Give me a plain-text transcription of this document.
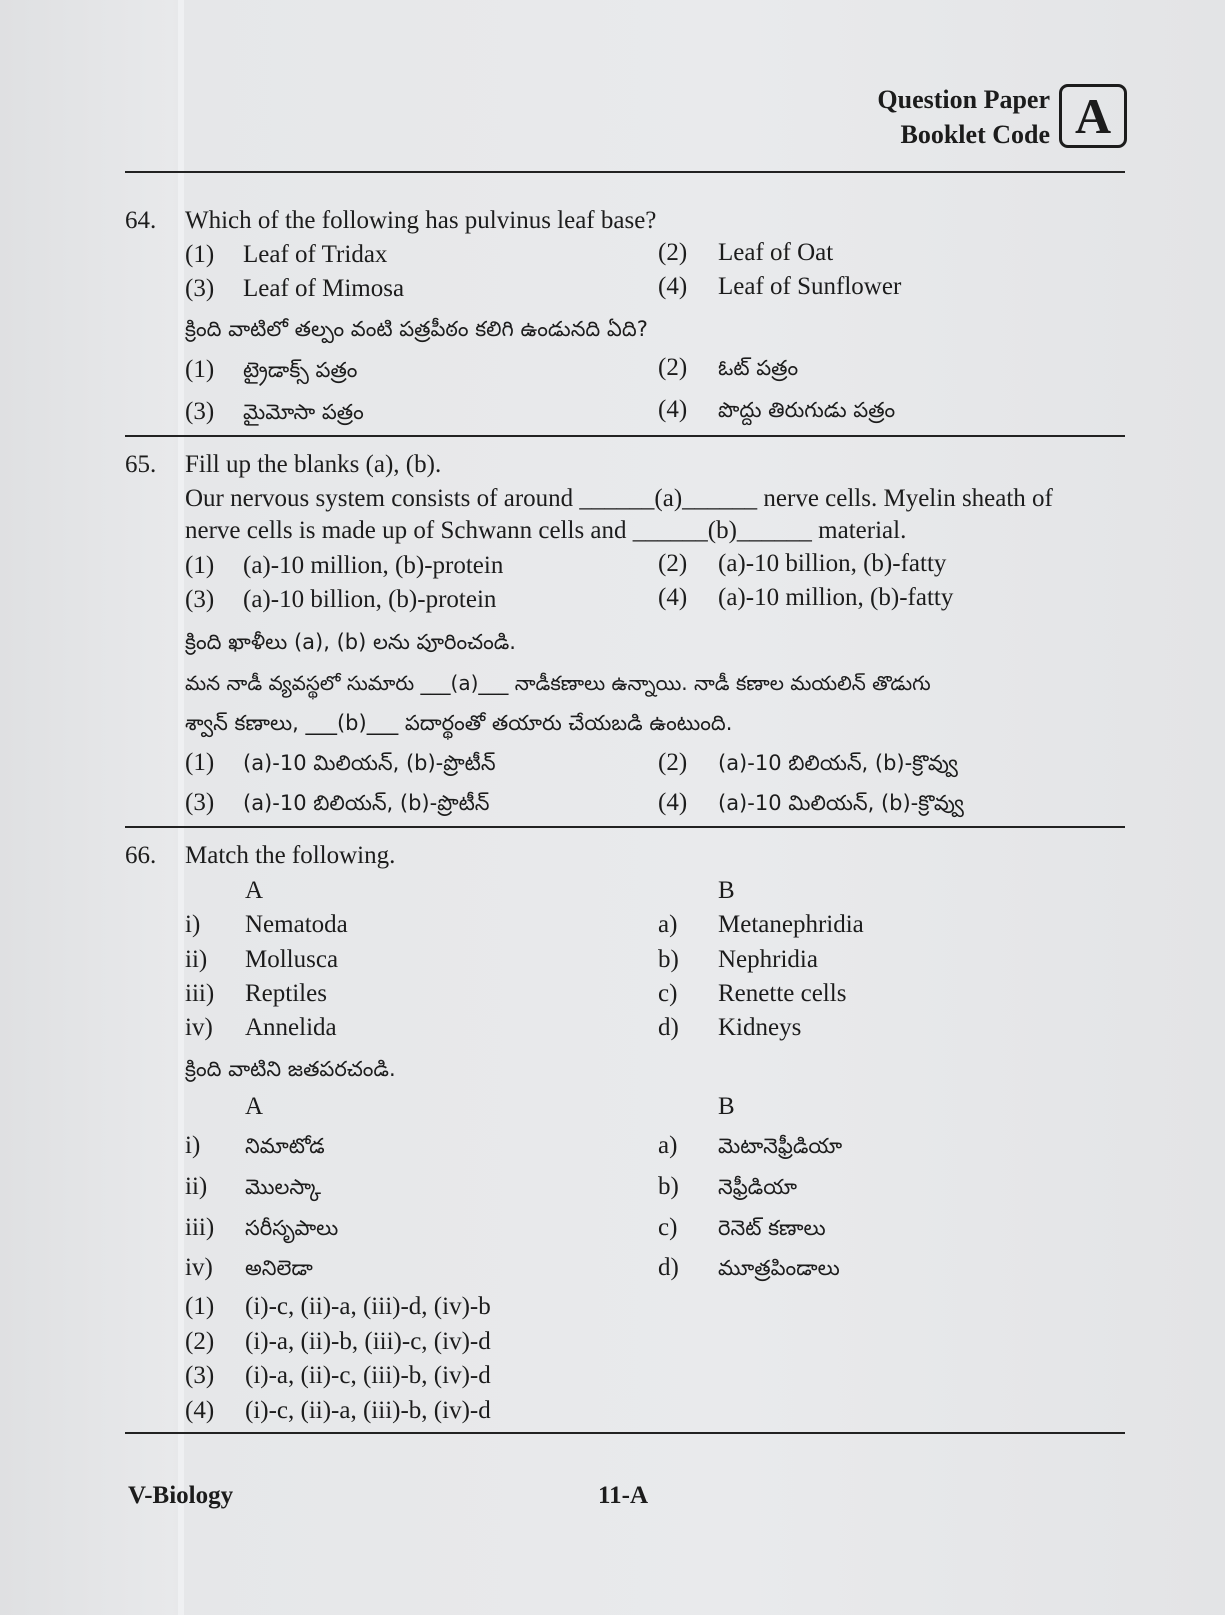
Question Paper
Booklet Code A
64. Which of the following has pulvinus leaf base?
(1) Leaf of Tridax	(2) Leaf of Oat
(3) Leaf of Mimosa	(4) Leaf of Sunflower
క్రింది వాటిలో తల్పం వంటి పత్రపీఠం కలిగి ఉండునది ఏది?
(1) ట్రైడాక్స్ పత్రం	(2) ఓట్ పత్రం
(3) మైమోసా పత్రం	(4) పొద్దు తిరుగుడు పత్రం
65. Fill up the blanks (a), (b).
Our nervous system consists of around ______(a)______ nerve cells. Myelin sheath of
nerve cells is made up of Schwann cells and ______(b)______ material.
(1) (a)-10 million, (b)-protein	(2) (a)-10 billion, (b)-fatty
(3) (a)-10 billion, (b)-protein	(4) (a)-10 million, (b)-fatty
క్రింది ఖాళీలు (a), (b) లను పూరించండి.
మన నాడీ వ్యవస్థలో సుమారు ___(a)___ నాడీకణాలు ఉన్నాయి. నాడీ కణాల మయలిన్ తొడుగు
శ్వాన్ కణాలు, ___(b)___ పదార్థంతో తయారు చేయబడి ఉంటుంది.
(1) (a)-10 మిలియన్, (b)-ప్రొటీన్	(2) (a)-10 బిలియన్, (b)-క్రొవ్వు
(3) (a)-10 బిలియన్, (b)-ప్రొటీన్	(4) (a)-10 మిలియన్, (b)-క్రొవ్వు
66. Match the following.
A	B
i) Nematoda	a) Metanephridia
ii) Mollusca	b) Nephridia
iii) Reptiles	c) Renette cells
iv) Annelida	d) Kidneys
క్రింది వాటిని జతపరచండి.
A	B
i) నిమాటోడ	a) మెటానెఫ్రీడియా
ii) మొలస్కా	b) నెఫ్రీడియా
iii) సరీసృపాలు	c) రెనెట్ కణాలు
iv) అనిలెడా	d) మూత్రపిండాలు
(1) (i)-c, (ii)-a, (iii)-d, (iv)-b
(2) (i)-a, (ii)-b, (iii)-c, (iv)-d
(3) (i)-a, (ii)-c, (iii)-b, (iv)-d
(4) (i)-c, (ii)-a, (iii)-b, (iv)-d
V-Biology	11-A
